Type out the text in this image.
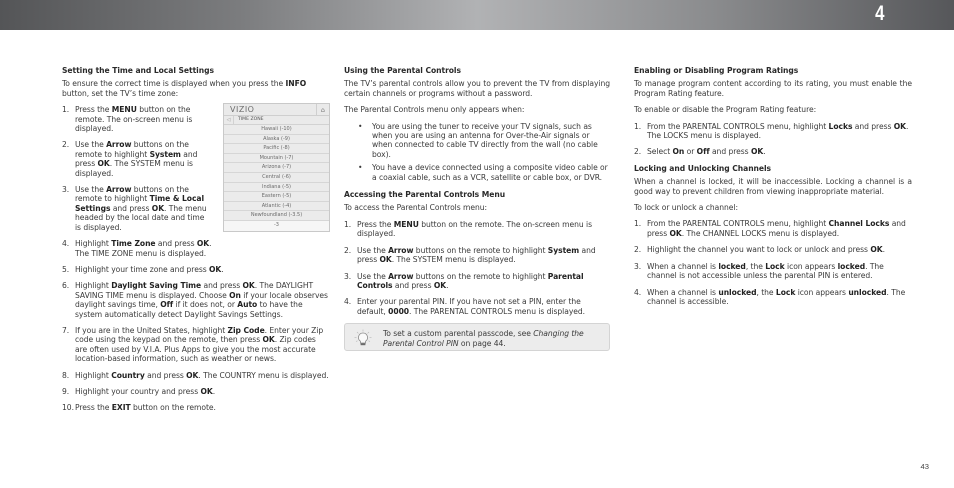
4
Setting the Time and Local Settings

To ensure the correct time is displayed when you press the INFO button, set the TV’s time zone:

1. Press the MENU button on the remote. The on-screen menu is displayed.
2. Use the Arrow buttons on the remote to highlight System and press OK. The SYSTEM menu is displayed.
3. Use the Arrow buttons on the remote to highlight Time & Local Settings and press OK. The menu headed by the local date and time is displayed.
4. Highlight Time Zone and press OK. The TIME ZONE menu is displayed.
5. Highlight your time zone and press OK.
6. Highlight Daylight Saving Time and press OK. The DAYLIGHT SAVING TIME menu is displayed. Choose On if your locale observes daylight savings time, Off if it does not, or Auto to have the system automatically detect Daylight Savings Settings.
7. If you are in the United States, highlight Zip Code. Enter your Zip code using the keypad on the remote, then press OK. Zip codes are often used by V.I.A. Plus Apps to give you the most accurate location-based information, such as weather or news.
8. Highlight Country and press OK. The COUNTRY menu is displayed.
9. Highlight your country and press OK.
10. Press the EXIT button on the remote.
VIZIO	⌂
◁	TIME ZONE
Hawaii (-10)
Alaska (-9)
Pacific (-8)
Mountain (-7)
Arizona (-7)
Central (-6)
Indiana (-5)
Eastern (-5)
Atlantic (-4)
Newfoundland (-3.5)
-3
Using the Parental Controls

The TV’s parental controls allow you to prevent the TV from displaying certain channels or programs without a password.

The Parental Controls menu only appears when:

• You are using the tuner to receive your TV signals, such as when you are using an antenna for Over-the-Air signals or when connected to cable TV directly from the wall (no cable box).
• You have a device connected using a composite video cable or a coaxial cable, such as a VCR, satellite or cable box, or DVR.
Accessing the Parental Controls Menu

To access the Parental Controls menu:

1. Press the MENU button on the remote. The on-screen menu is displayed.
2. Use the Arrow buttons on the remote to highlight System and press OK. The SYSTEM menu is displayed.
3. Use the Arrow buttons on the remote to highlight Parental Controls and press OK.
4. Enter your parental PIN. If you have not set a PIN, enter the default, 0000. The PARENTAL CONTROLS menu is displayed.
To set a custom parental passcode, see Changing the Parental Control PIN on page 44.
Enabling or Disabling Program Ratings

To manage program content according to its rating, you must enable the Program Rating feature.

To enable or disable the Program Rating feature:

1. From the PARENTAL CONTROLS menu, highlight Locks and press OK. The LOCKS menu is displayed.
2. Select On or Off and press OK.
Locking and Unlocking Channels

When a channel is locked, it will be inaccessible. Locking a channel is a good way to prevent children from viewing inappropriate material.

To lock or unlock a channel:

1. From the PARENTAL CONTROLS menu, highlight Channel Locks and press OK. The CHANNEL LOCKS menu is displayed.
2. Highlight the channel you want to lock or unlock and press OK.
3. When a channel is locked, the Lock icon appears locked. The channel is not accessible unless the parental PIN is entered.
4. When a channel is unlocked, the Lock icon appears unlocked. The channel is accessible.
43
